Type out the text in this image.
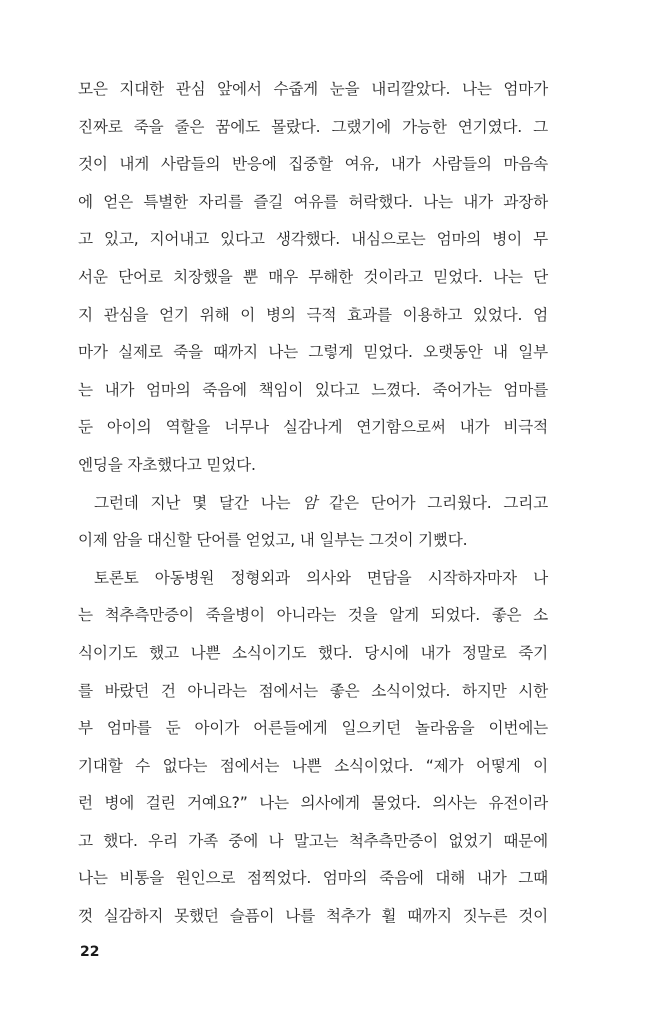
모은 지대한 관심 앞에서 수줍게 눈을 내리깔았다. 나는 엄마가
진짜로 죽을 줄은 꿈에도 몰랐다. 그랬기에 가능한 연기였다. 그
것이 내게 사람들의 반응에 집중할 여유, 내가 사람들의 마음속
에 얻은 특별한 자리를 즐길 여유를 허락했다. 나는 내가 과장하
고 있고, 지어내고 있다고 생각했다. 내심으로는 엄마의 병이 무
서운 단어로 치장했을 뿐 매우 무해한 것이라고 믿었다. 나는 단
지 관심을 얻기 위해 이 병의 극적 효과를 이용하고 있었다. 엄
마가 실제로 죽을 때까지 나는 그렇게 믿었다. 오랫동안 내 일부
는 내가 엄마의 죽음에 책임이 있다고 느꼈다. 죽어가는 엄마를
둔 아이의 역할을 너무나 실감나게 연기함으로써 내가 비극적
엔딩을 자초했다고 믿었다.
그런데 지난 몇 달간 나는 암 같은 단어가 그리웠다. 그리고
이제 암을 대신할 단어를 얻었고, 내 일부는 그것이 기뻤다.
토론토 아동병원 정형외과 의사와 면담을 시작하자마자 나
는 척추측만증이 죽을병이 아니라는 것을 알게 되었다. 좋은 소
식이기도 했고 나쁜 소식이기도 했다. 당시에 내가 정말로 죽기
를 바랐던 건 아니라는 점에서는 좋은 소식이었다. 하지만 시한
부 엄마를 둔 아이가 어른들에게 일으키던 놀라움을 이번에는
기대할 수 없다는 점에서는 나쁜 소식이었다. “제가 어떻게 이
런 병에 걸린 거예요?” 나는 의사에게 물었다. 의사는 유전이라
고 했다. 우리 가족 중에 나 말고는 척추측만증이 없었기 때문에
나는 비통을 원인으로 점찍었다. 엄마의 죽음에 대해 내가 그때
껏 실감하지 못했던 슬픔이 나를 척추가 휠 때까지 짓누른 것이
22
